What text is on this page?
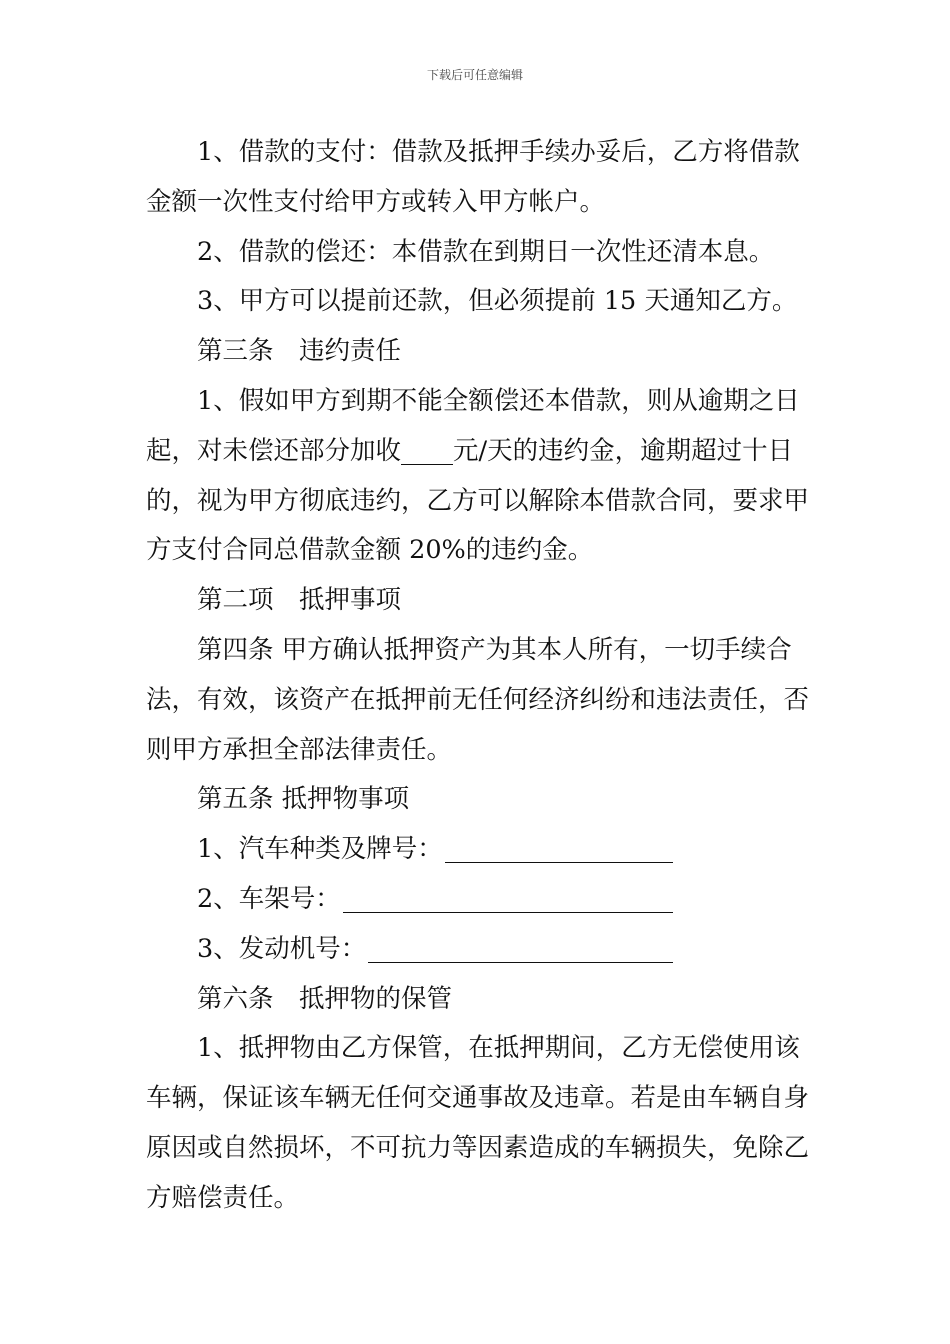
下载后可任意编辑

1、借款的支付：借款及抵押手续办妥后，乙方将借款金额一次性支付给甲方或转入甲方帐户。

2、借款的偿还：本借款在到期日一次性还清本息。

3、甲方可以提前还款，但必须提前 15 天通知乙方。

第三条　违约责任

1、假如甲方到期不能全额偿还本借款，则从逾期之日起，对未偿还部分加收 元/天的违约金，逾期超过十日的，视为甲方彻底违约，乙方可以解除本借款合同，要求甲方支付合同总借款金额 20%的违约金。

第二项　抵押事项

第四条 甲方确认抵押资产为其本人所有，一切手续合法，有效，该资产在抵押前无任何经济纠纷和违法责任，否则甲方承担全部法律责任。

第五条 抵押物事项

1、汽车种类及牌号：

2、车架号：

3、发动机号：

第六条　抵押物的保管

1、抵押物由乙方保管，在抵押期间，乙方无偿使用该车辆，保证该车辆无任何交通事故及违章。若是由车辆自身原因或自然损坏，不可抗力等因素造成的车辆损失，免除乙方赔偿责任。
